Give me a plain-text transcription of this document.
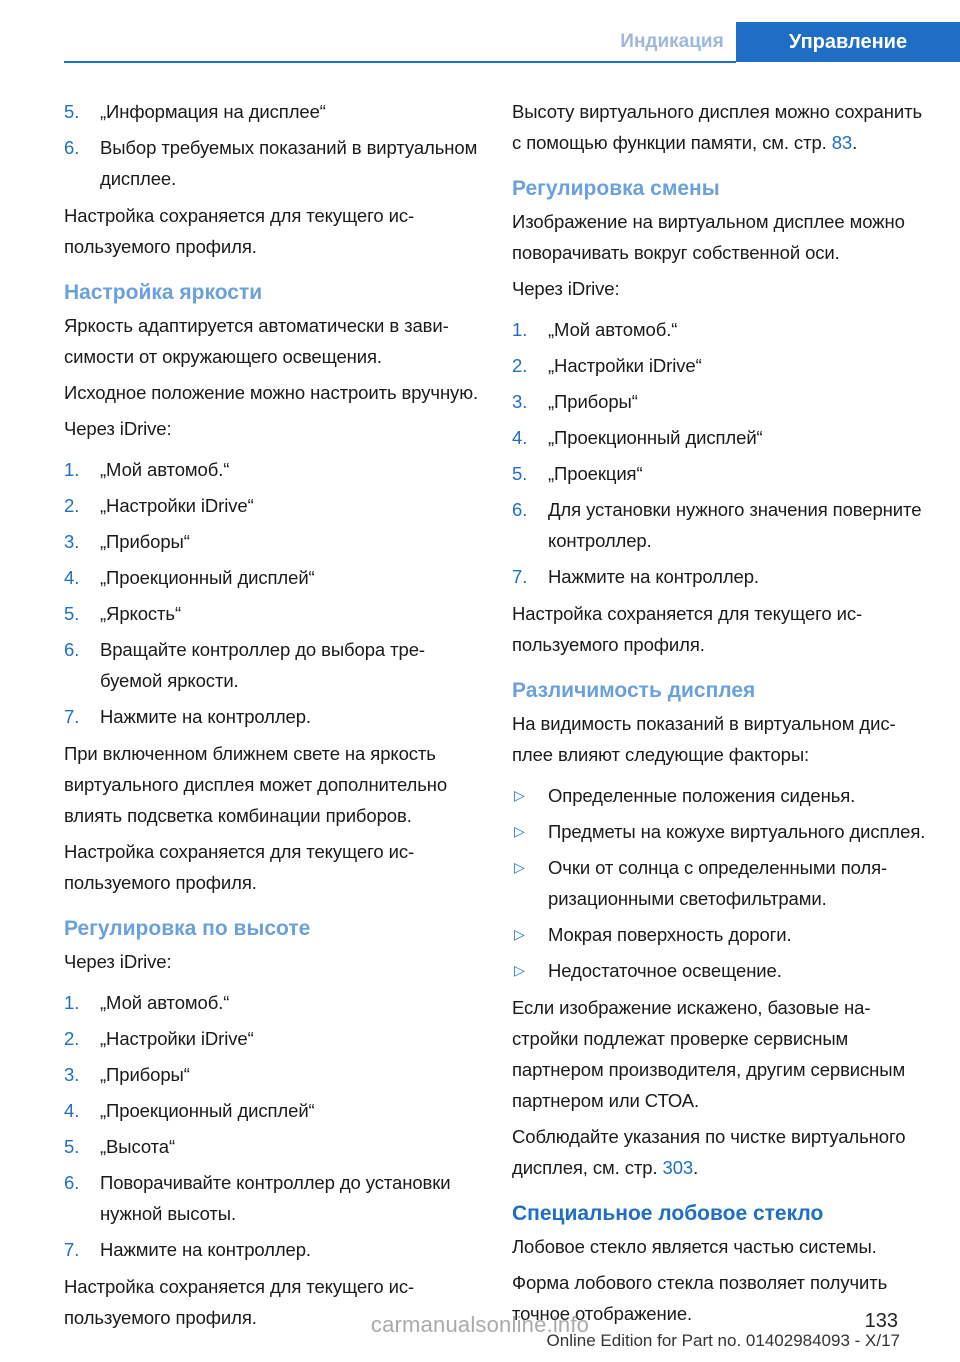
Индикация	Управление
5.	„Информация на дисплее“
6.	Выбор требуемых показаний в виртуальном дисплее.

Настройка сохраняется для текущего используемого профиля.

Настройка яркости

Яркость адаптируется автоматически в зависимости от окружающего освещения.

Исходное положение можно настроить вручную.

Через iDrive:

1.	„Мой автомоб.“
2.	„Настройки iDrive“
3.	„Приборы“
4.	„Проекционный дисплей“
5.	„Яркость“
6.	Вращайте контроллер до выбора требуемой яркости.
7.	Нажмите на контроллер.

При включенном ближнем свете на яркость виртуального дисплея может дополнительно влиять подсветка комбинации приборов.

Настройка сохраняется для текущего используемого профиля.

Регулировка по высоте

Через iDrive:

1.	„Мой автомоб.“
2.	„Настройки iDrive“
3.	„Приборы“
4.	„Проекционный дисплей“
5.	„Высота“
6.	Поворачивайте контроллер до установки нужной высоты.
7.	Нажмите на контроллер.

Настройка сохраняется для текущего используемого профиля.

Высоту виртуального дисплея можно сохранить с помощью функции памяти, см. стр. 83.

Регулировка смены

Изображение на виртуальном дисплее можно поворачивать вокруг собственной оси.

Через iDrive:

1.	„Мой автомоб.“
2.	„Настройки iDrive“
3.	„Приборы“
4.	„Проекционный дисплей“
5.	„Проекция“
6.	Для установки нужного значения поверните контроллер.
7.	Нажмите на контроллер.

Настройка сохраняется для текущего используемого профиля.

Различимость дисплея

На видимость показаний в виртуальном дисплее влияют следующие факторы:

▷	Определенные положения сиденья.
▷	Предметы на кожухе виртуального дисплея.
▷	Очки от солнца с определенными поляризационными светофильтрами.
▷	Мокрая поверхность дороги.
▷	Недостаточное освещение.

Если изображение искажено, базовые настройки подлежат проверке сервисным партнером производителя, другим сервисным партнером или СТОА.

Соблюдайте указания по чистке виртуального дисплея, см. стр. 303.

Специальное лобовое стекло

Лобовое стекло является частью системы.

Форма лобового стекла позволяет получить точное отображение.	133
carmanualsonline.info
Online Edition for Part no. 01402984093 - X/17
